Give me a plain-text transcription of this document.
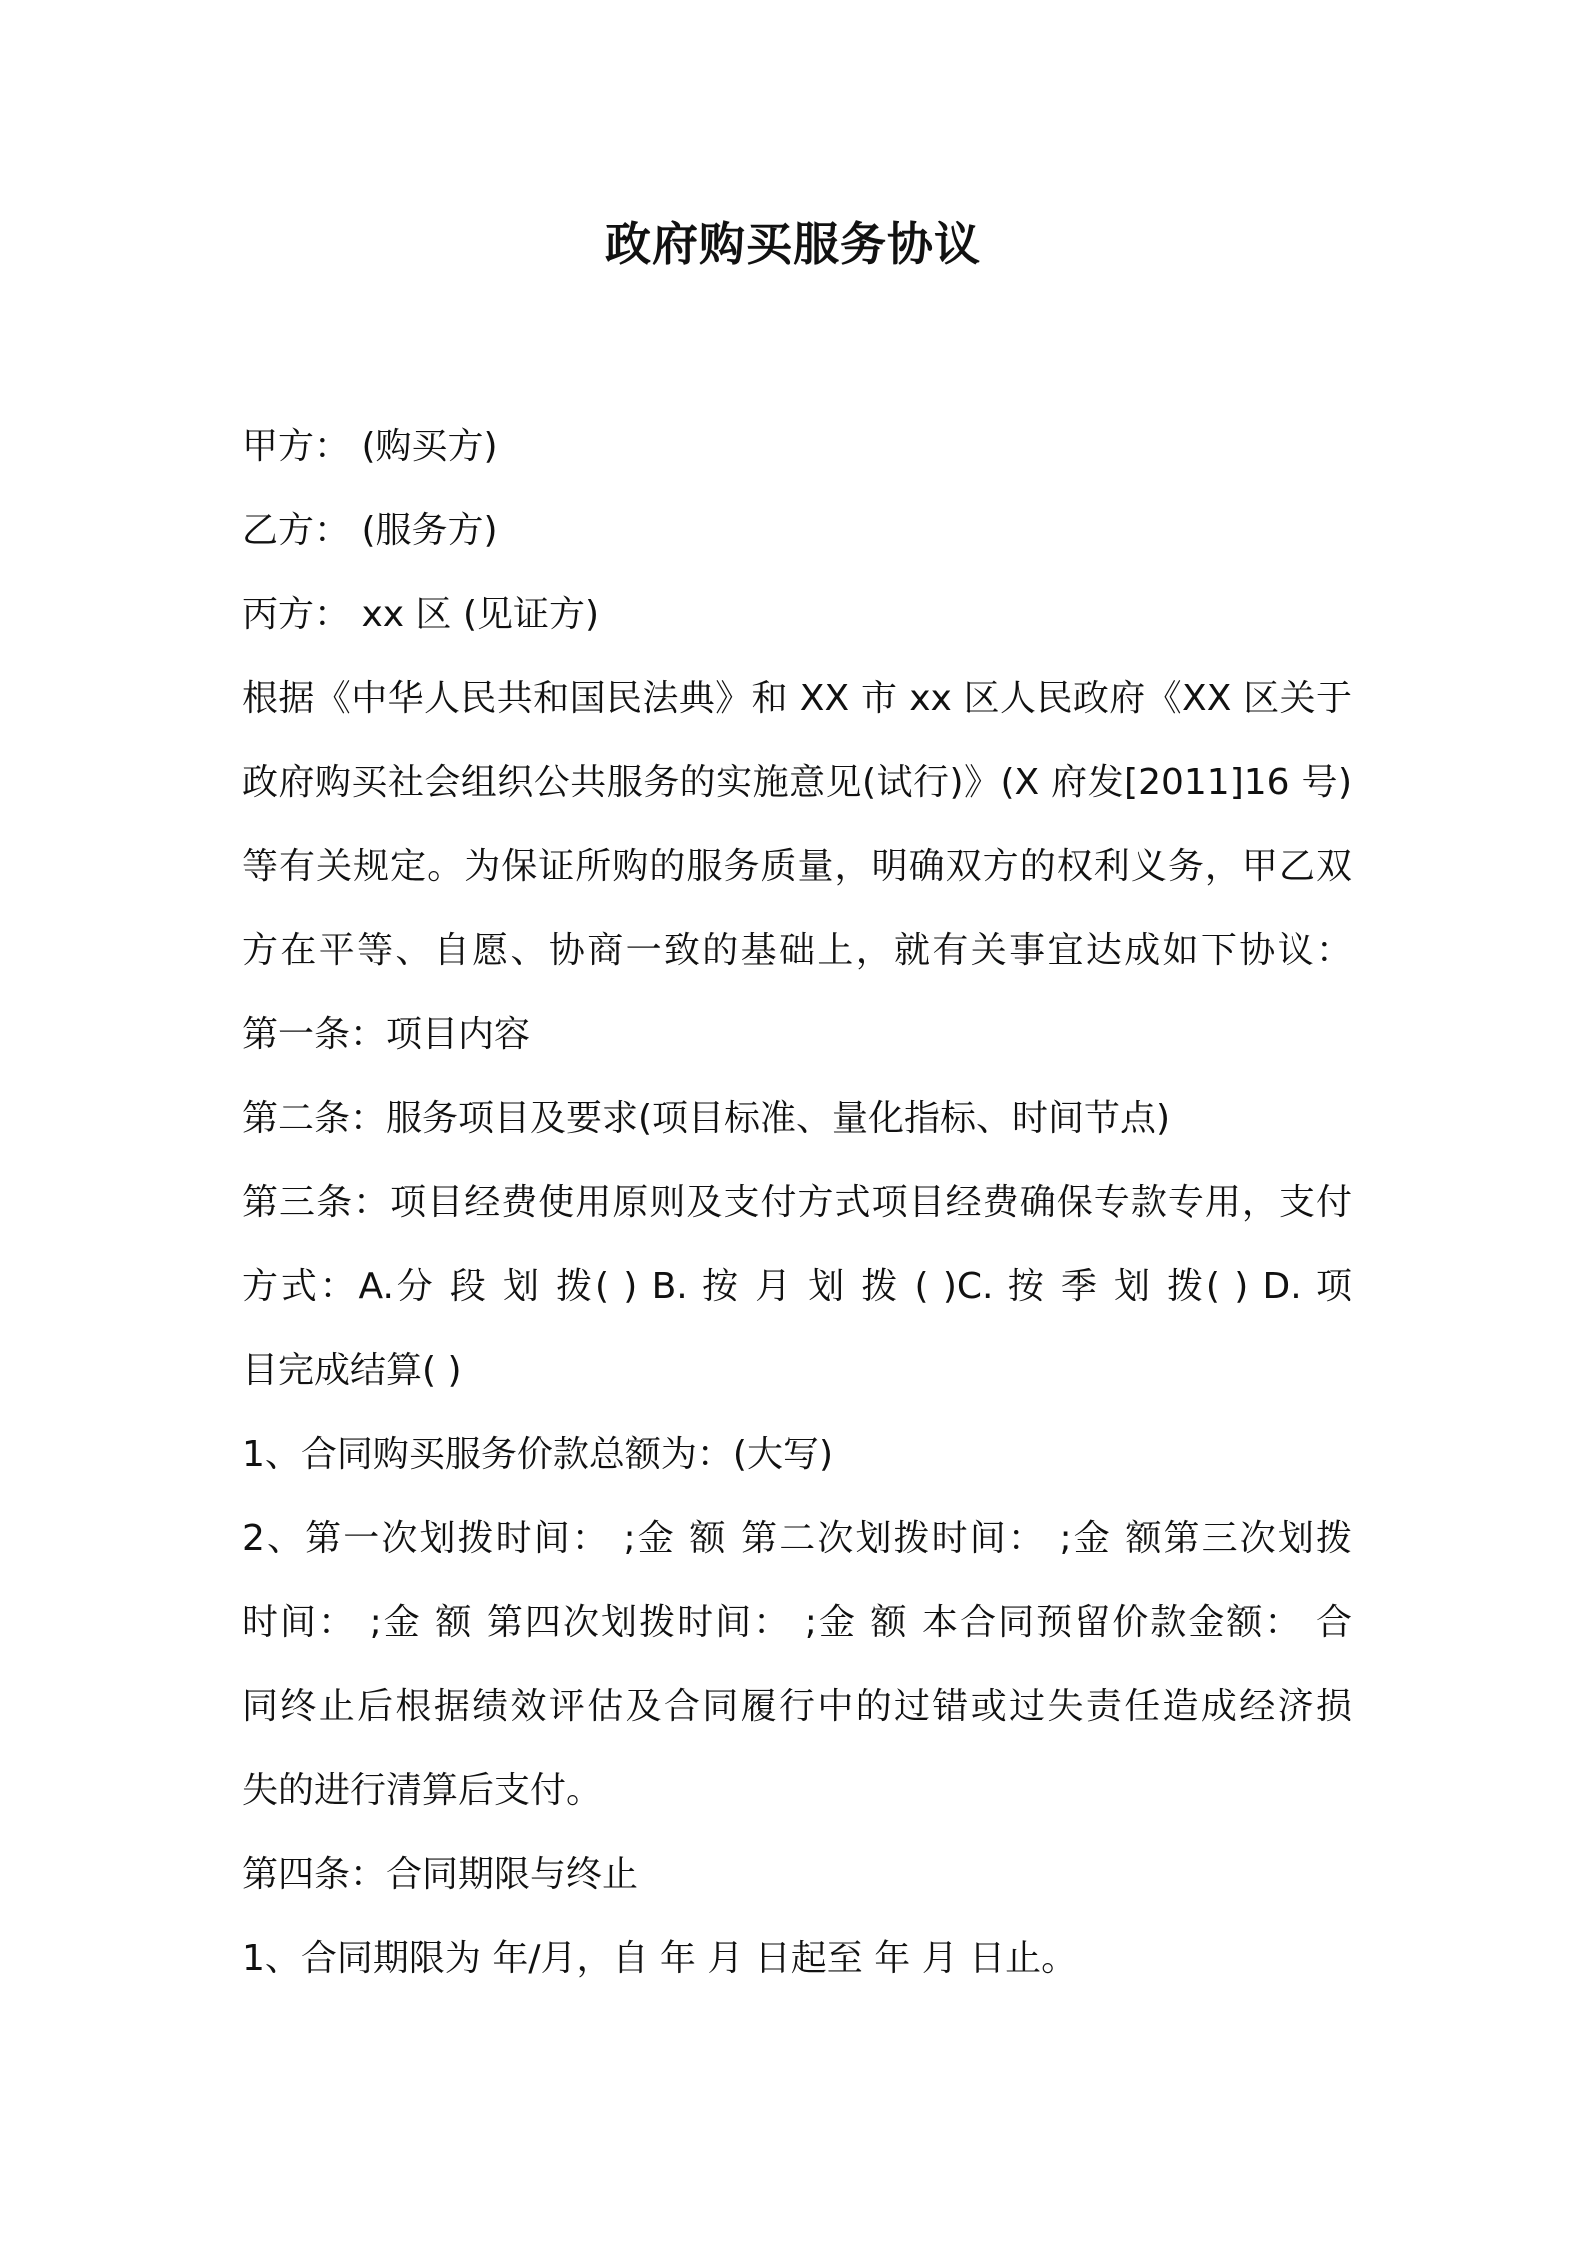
政府购买服务协议
甲方： (购买方)
乙方： (服务方)
丙方： xx 区 (见证方)
根据《中华人民共和国民法典》和 XX 市 xx 区人民政府《XX 区关于
政府购买社会组织公共服务的实施意见(试行)》(X 府发[2011]16 号)
等有关规定。为保证所购的服务质量，明确双方的权利义务，甲乙双
方在平等、自愿、协商一致的基础上，就有关事宜达成如下协议：
第一条：项目内容
第二条：服务项目及要求(项目标准、量化指标、时间节点)
第三条：项目经费使用原则及支付方式项目经费确保专款专用，支付
方式：A.分 段 划 拨( ) B. 按 月 划 拨 ( )C. 按 季 划 拨( ) D. 项
目完成结算( )
1、合同购买服务价款总额为：(大写)
2、第一次划拨时间： ;金 额 第二次划拨时间： ;金 额第三次划拨
时间： ;金 额 第四次划拨时间： ;金 额 本合同预留价款金额： 合
同终止后根据绩效评估及合同履行中的过错或过失责任造成经济损
失的进行清算后支付。
第四条：合同期限与终止
1、合同期限为 年/月，自 年 月 日起至 年 月 日止。
